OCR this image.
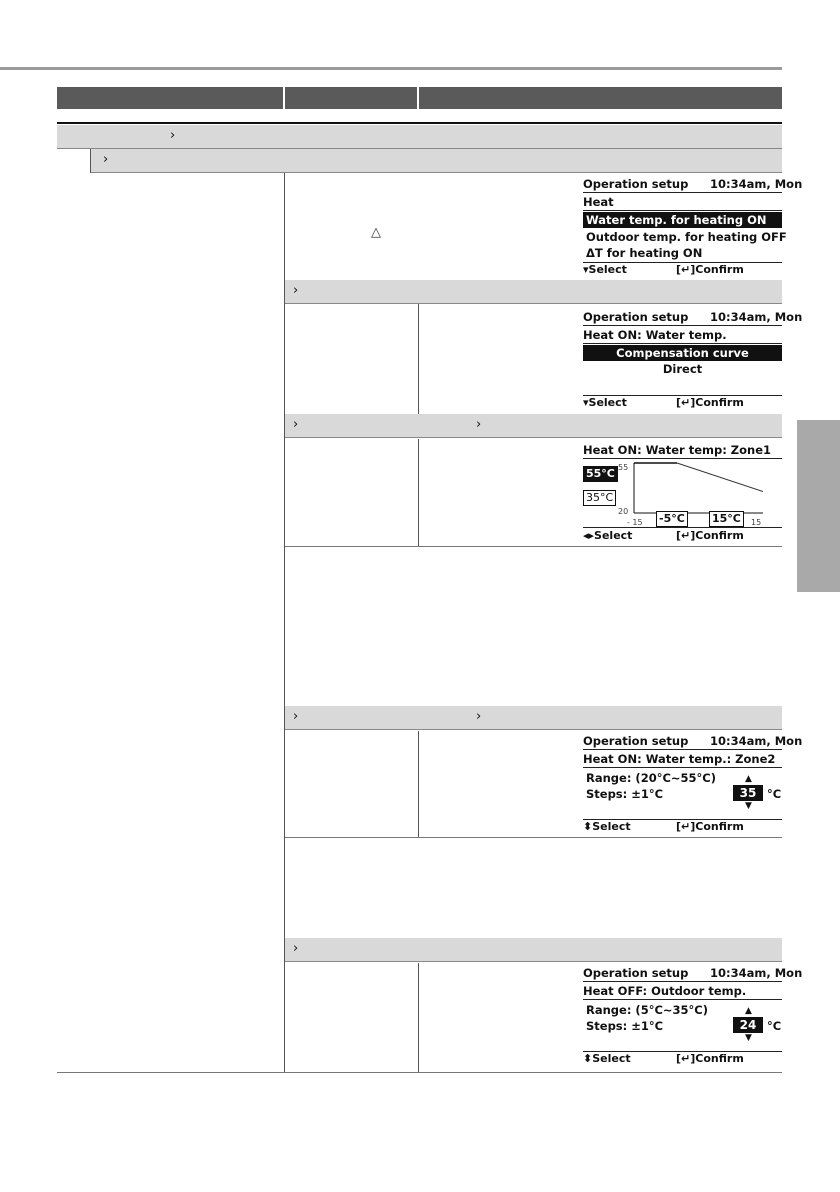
›
›
△
›
›	›
›	›
›
Operation setup 10:34am, Mon
Heat
Water temp. for heating ON
Outdoor temp. for heating OFF
ΔT for heating ON
▾Select	[↵]Confirm
Operation setup 10:34am, Mon
Heat ON: Water temp.
Compensation curve
Direct
▾Select	[↵]Confirm
Heat ON: Water temp: Zone1
55
20
55°C
35°C
- 15 -5°C 15°C	15
◂▸Select	[↵]Confirm
Operation setup 10:34am, Mon
Heat ON: Water temp.: Zone2
Range: (20°C~55°C)
Steps: ±1°C
▲
35 °C
▼
⬍Select	[↵]Confirm
Operation setup 10:34am, Mon
Heat OFF: Outdoor temp.
Range: (5°C~35°C)
Steps: ±1°C
▲
24 °C
▼
⬍Select	[↵]Confirm
